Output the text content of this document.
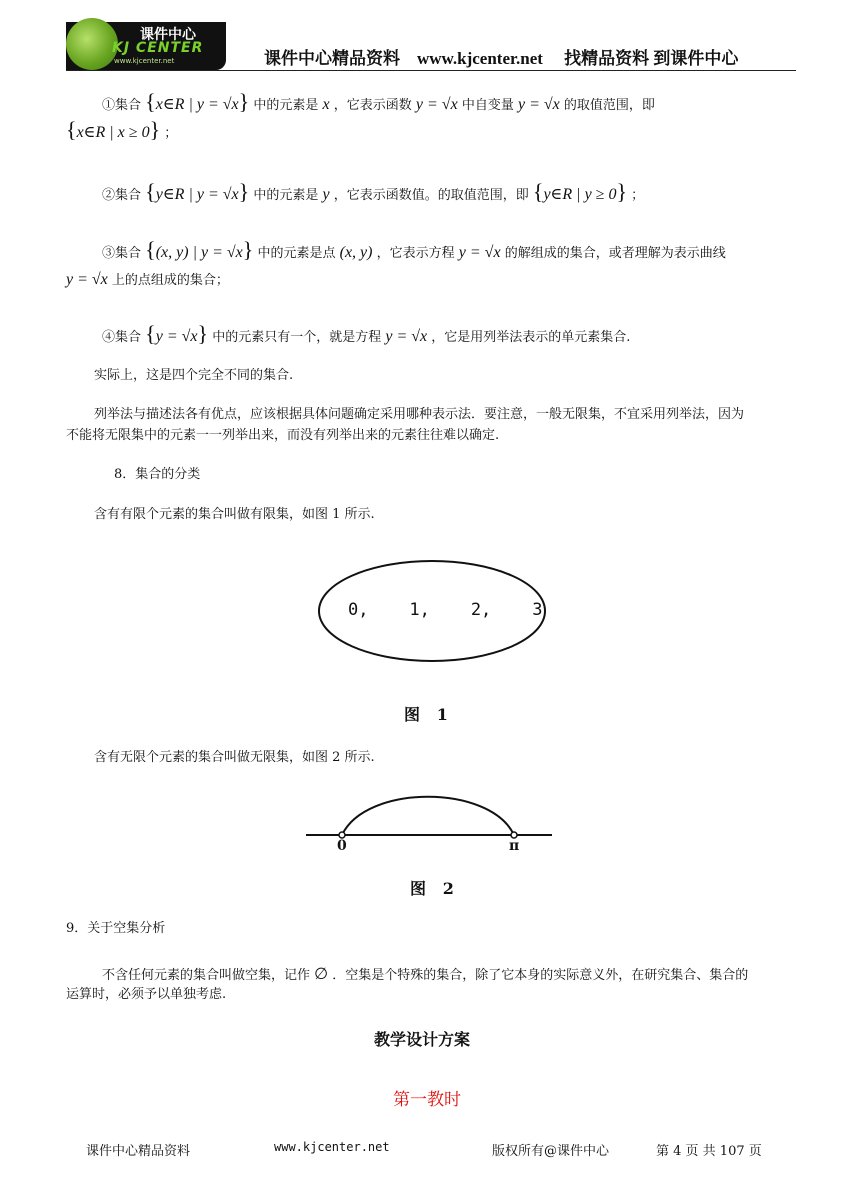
课件中心
KJ CENTER
www.kjcenter.net	课件中心精品资料 www.kjcenter.net 找精品资料 到课件中心
①集合 {x∈R | y = √x} 中的元素是 x ，它表示函数 y = √x 中自变量 y = √x 的取值范围，即
{x∈R | x ≥ 0} ；
②集合 {y∈R | y = √x} 中的元素是 y ，它表示函数值。的取值范围，即 {y∈R | y ≥ 0} ；
③集合 {(x, y) | y = √x} 中的元素是点 (x, y) ，它表示方程 y = √x 的解组成的集合，或者理解为表示曲线
y = √x 上的点组成的集合；
④集合 {y = √x} 中的元素只有一个，就是方程 y = √x ，它是用列举法表示的单元素集合.
实际上，这是四个完全不同的集合.
列举法与描述法各有优点，应该根据具体问题确定采用哪种表示法．要注意，一般无限集，不宜采用列举法，因为
不能将无限集中的元素一一列举出来，而没有列举出来的元素往往难以确定.
8．集合的分类
含有有限个元素的集合叫做有限集，如图 1 所示.
0,    1,    2,    3
图   1
含有无限个元素的集合叫做无限集，如图 2 所示.
0	π
图   2
9．关于空集分析
不含任何元素的集合叫做空集，记作 ∅ ．空集是个特殊的集合，除了它本身的实际意义外，在研究集合、集合的
运算时，必须予以单独考虑.
教学设计方案
第一教时
课件中心精品资料	www.kjcenter.net	版权所有@课件中心	第 4 页 共 107 页
